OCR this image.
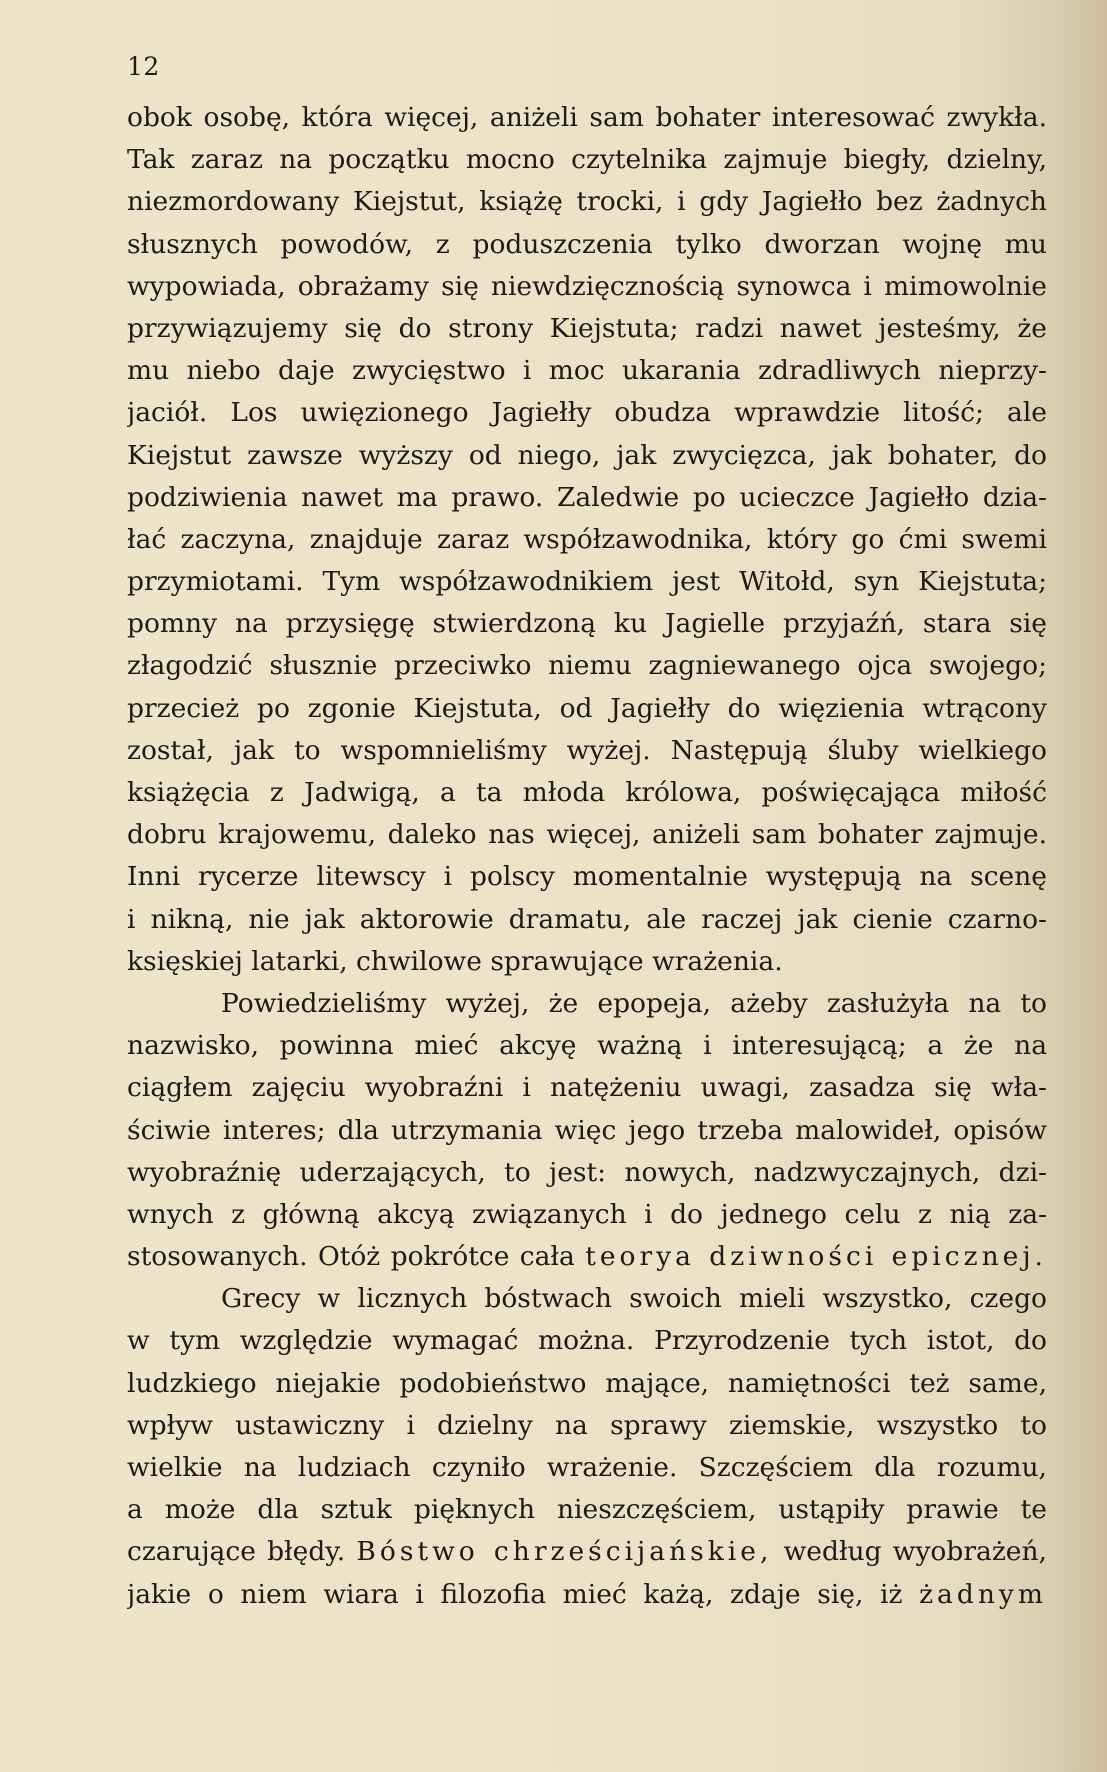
12
obok osobę, która więcej, aniżeli sam bohater interesować zwykła.
Tak zaraz na początku mocno czytelnika zajmuje biegły, dzielny,
niezmordowany Kiejstut, książę trocki, i gdy Jagiełło bez żadnych
słusznych powodów, z poduszczenia tylko dworzan wojnę mu
wypowiada, obrażamy się niewdzięcznością synowca i mimowolnie
przywiązujemy się do strony Kiejstuta; radzi nawet jesteśmy, że
mu niebo daje zwycięstwo i moc ukarania zdradliwych nieprzy-
jaciół. Los uwięzionego Jagiełły obudza wprawdzie litość; ale
Kiejstut zawsze wyższy od niego, jak zwycięzca, jak bohater, do
podziwienia nawet ma prawo. Zaledwie po ucieczce Jagiełło dzia-
łać zaczyna, znajduje zaraz współzawodnika, który go ćmi swemi
przymiotami. Tym współzawodnikiem jest Witołd, syn Kiejstuta;
pomny na przysięgę stwierdzoną ku Jagielle przyjaźń, stara się
złagodzić słusznie przeciwko niemu zagniewanego ojca swojego;
przecież po zgonie Kiejstuta, od Jagiełły do więzienia wtrącony
został, jak to wspomnieliśmy wyżej. Następują śluby wielkiego
książęcia z Jadwigą, a ta młoda królowa, poświęcająca miłość
dobru krajowemu, daleko nas więcej, aniżeli sam bohater zajmuje.
Inni rycerze litewscy i polscy momentalnie występują na scenę
i nikną, nie jak aktorowie dramatu, ale raczej jak cienie czarno-
księskiej latarki, chwilowe sprawujące wrażenia.
Powiedzieliśmy wyżej, że epopeja, ażeby zasłużyła na to
nazwisko, powinna mieć akcyę ważną i interesującą; a że na
ciągłem zajęciu wyobraźni i natężeniu uwagi, zasadza się wła-
ściwie interes; dla utrzymania więc jego trzeba malowideł, opisów
wyobraźnię uderzających, to jest: nowych, nadzwyczajnych, dzi-
wnych z główną akcyą związanych i do jednego celu z nią za-
stosowanych. Otóż pokrótce cała teorya dziwności epicznej.
Grecy w licznych bóstwach swoich mieli wszystko, czego
w tym względzie wymagać można. Przyrodzenie tych istot, do
ludzkiego niejakie podobieństwo mające, namiętności też same,
wpływ ustawiczny i dzielny na sprawy ziemskie, wszystko to
wielkie na ludziach czyniło wrażenie. Szczęściem dla rozumu,
a może dla sztuk pięknych nieszczęściem, ustąpiły prawie te
czarujące błędy. Bóstwo chrześcijańskie, według wyobrażeń,
jakie o niem wiara i filozofia mieć każą, zdaje się, iż żadnym
